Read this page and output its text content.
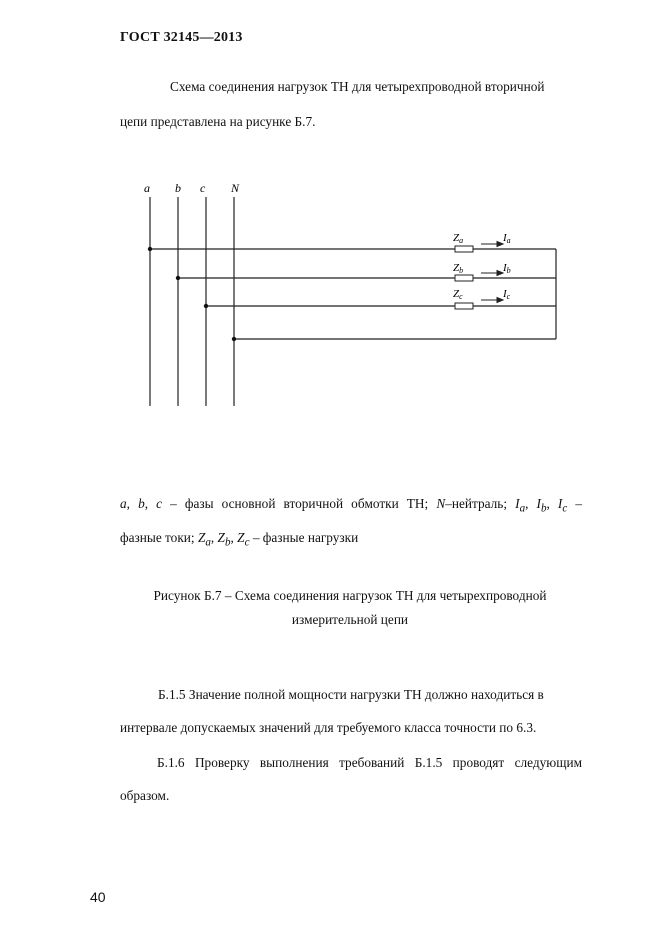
ГОСТ 32145—2013
Схема соединения нагрузок ТН для четырехпроводной вторичной
цепи представлена на рисунке Б.7.
a b c N
Za
Zb
Zc
Ia
Ib
Ic
a, b, c – фазы основной вторичной обмотки ТН; N–нейтраль; $I_a$, $I_b$, $I_c$ –
фазные токи; $Z_a$, $Z_b$, $Z_c$ – фазные нагрузки
Рисунок Б.7 – Схема соединения нагрузок ТН для четырехпроводной
измерительной цепи
Б.1.5 Значение полной мощности нагрузки ТН должно находиться в
интервале допускаемых значений для требуемого класса точности по 6.3.
Б.1.6 Проверку выполнения требований Б.1.5 проводят следующим
образом.
40
